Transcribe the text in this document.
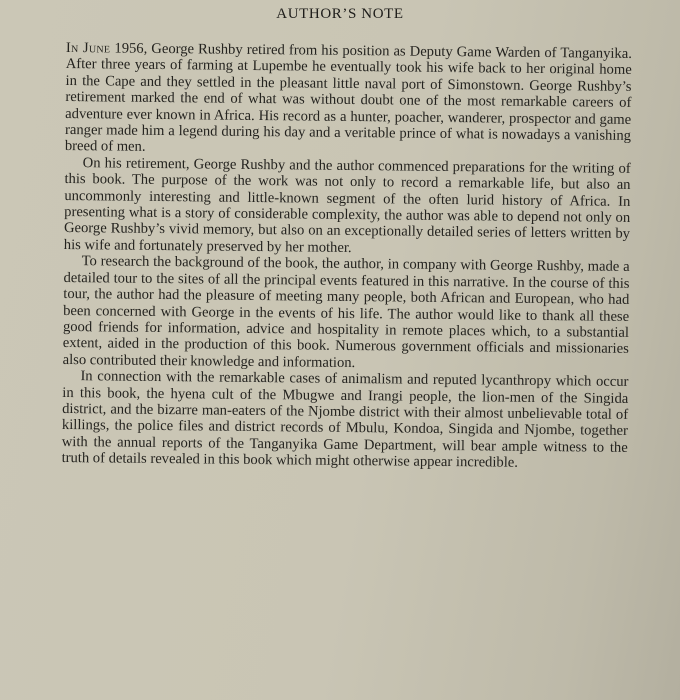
AUTHOR’S NOTE

In June 1956, George Rushby retired from his position as Deputy Game Warden of Tanganyika. After three years of farming at Lupembe he eventually took his wife back to her original home in the Cape and they settled in the pleasant little naval port of Simonstown. George Rushby’s retirement marked the end of what was without doubt one of the most remarkable careers of adventure ever known in Africa. His record as a hunter, poacher, wanderer, prospector and game ranger made him a legend during his day and a veritable prince of what is nowadays a vanishing breed of men.

On his retirement, George Rushby and the author commenced preparations for the writing of this book. The purpose of the work was not only to record a remarkable life, but also an uncommonly interesting and little-known segment of the often lurid history of Africa. In presenting what is a story of considerable complexity, the author was able to depend not only on George Rushby’s vivid memory, but also on an exceptionally detailed series of letters written by his wife and fortunately preserved by her mother.

To research the background of the book, the author, in company with George Rushby, made a detailed tour to the sites of all the principal events featured in this narrative. In the course of this tour, the author had the pleasure of meeting many people, both African and European, who had been concerned with George in the events of his life. The author would like to thank all these good friends for information, advice and hospitality in remote places which, to a substantial extent, aided in the production of this book. Numerous government officials and missionaries also contributed their knowledge and information.

In connection with the remarkable cases of animalism and reputed lycanthropy which occur in this book, the hyena cult of the Mbugwe and Irangi people, the lion-men of the Singida district, and the bizarre man-eaters of the Njombe district with their almost unbelievable total of killings, the police files and district records of Mbulu, Kondoa, Singida and Njombe, together with the annual reports of the Tanganyika Game Department, will bear ample witness to the truth of details revealed in this book which might otherwise appear incredible.
